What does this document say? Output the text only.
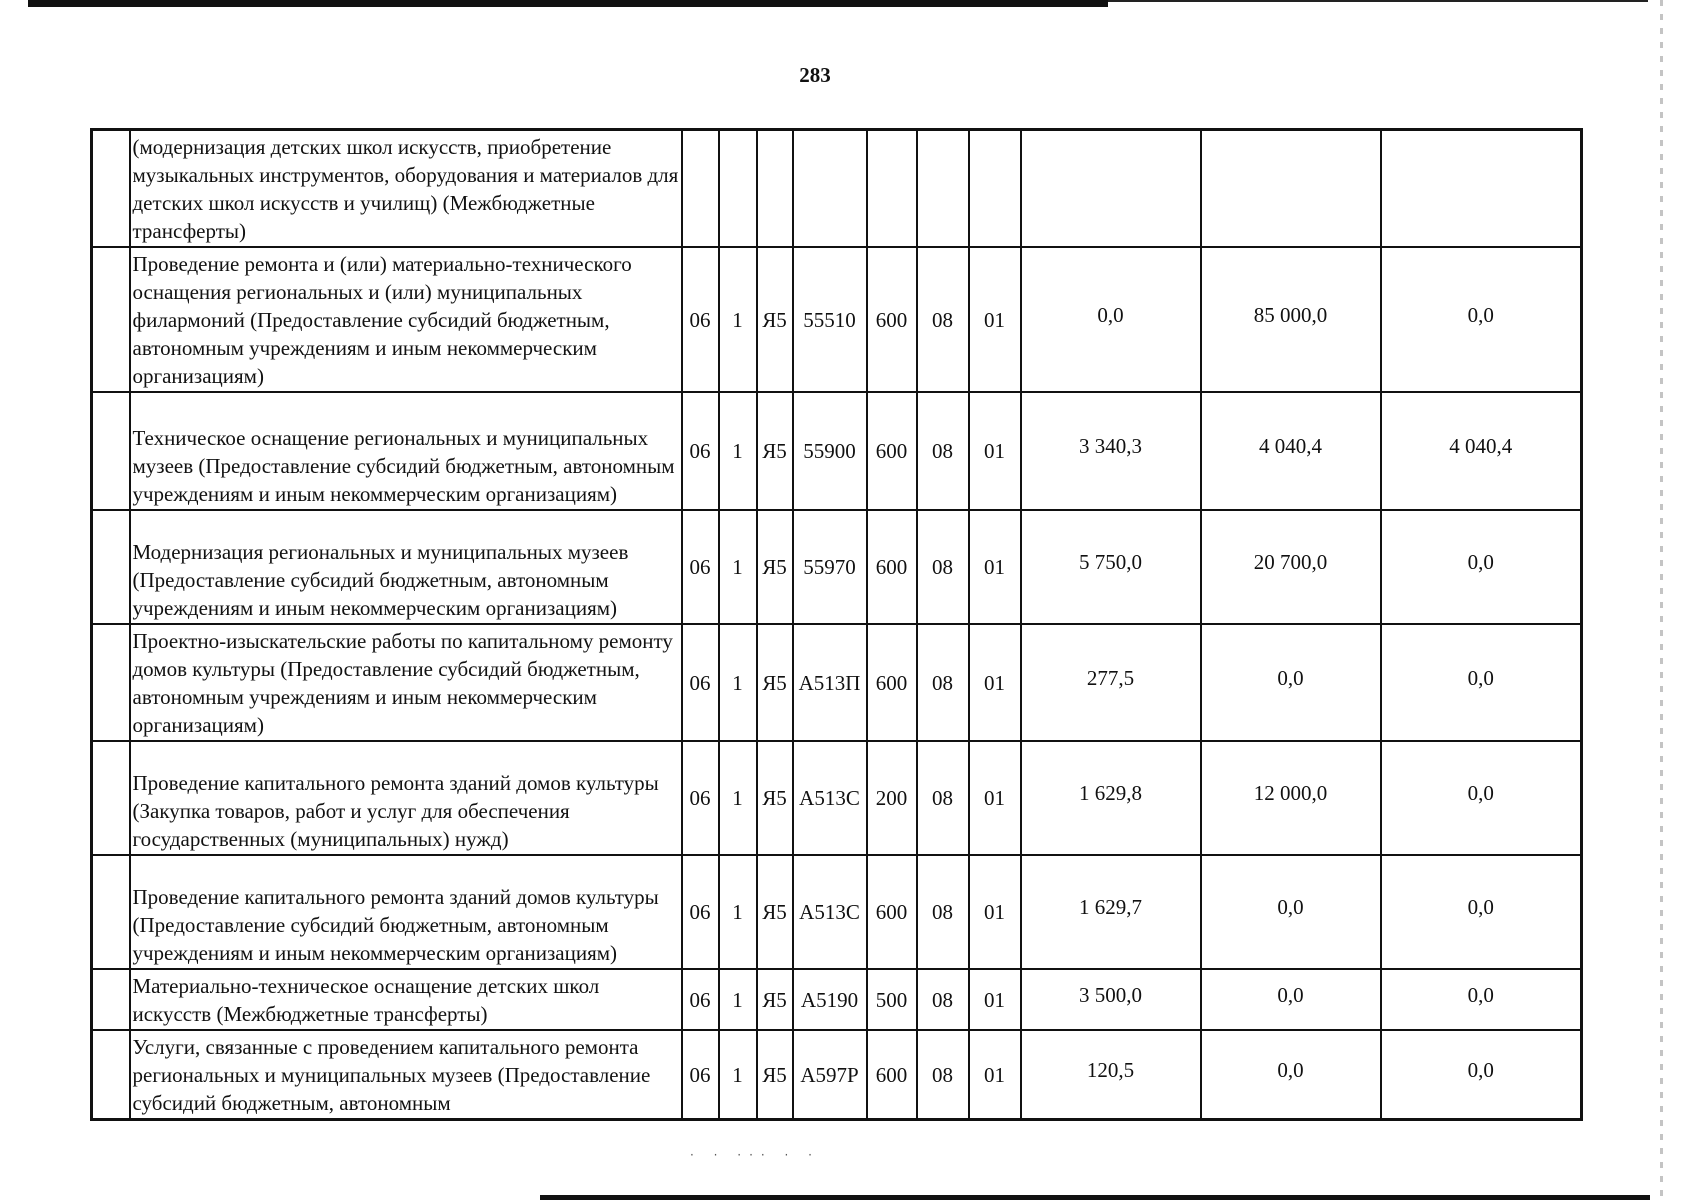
· · ··· · ·
283
	(модернизация детских школ искусств, приобретение музыкальных инструментов, оборудования и материалов для детских школ искусств и училищ) (Межбюджетные трансферты)										
	Проведение ремонта и (или) материально-технического оснащения региональных и (или) муниципальных филармоний (Предоставление субсидий бюджетным, автономным учреждениям и иным некоммерческим организациям)	06	1	Я5	55510	600	08	01	0,0	85 000,0	0,0
	Техническое оснащение региональных и муниципальных музеев (Предоставление субсидий бюджетным, автономным учреждениям и иным некоммерческим организациям)	06	1	Я5	55900	600	08	01	3 340,3	4 040,4	4 040,4
	Модернизация региональных и муниципальных музеев (Предоставление субсидий бюджетным, автономным учреждениям и иным некоммерческим организациям)	06	1	Я5	55970	600	08	01	5 750,0	20 700,0	0,0
	Проектно-изыскательские работы по капитальному ремонту домов культуры (Предоставление субсидий бюджетным, автономным учреждениям и иным некоммерческим организациям)	06	1	Я5	А513П	600	08	01	277,5	0,0	0,0
	Проведение капитального ремонта зданий домов культуры (Закупка товаров, работ и услуг для обеспечения государственных (муниципальных) нужд)	06	1	Я5	А513С	200	08	01	1 629,8	12 000,0	0,0
	Проведение капитального ремонта зданий домов культуры (Предоставление субсидий бюджетным, автономным учреждениям и иным некоммерческим организациям)	06	1	Я5	А513С	600	08	01	1 629,7	0,0	0,0
	Материально-техническое оснащение детских школ искусств (Межбюджетные трансферты)	06	1	Я5	А5190	500	08	01	3 500,0	0,0	0,0
	Услуги, связанные с проведением капитального ремонта региональных и муниципальных музеев (Предоставление субсидий бюджетным, автономным	06	1	Я5	А597Р	600	08	01	120,5	0,0	0,0
